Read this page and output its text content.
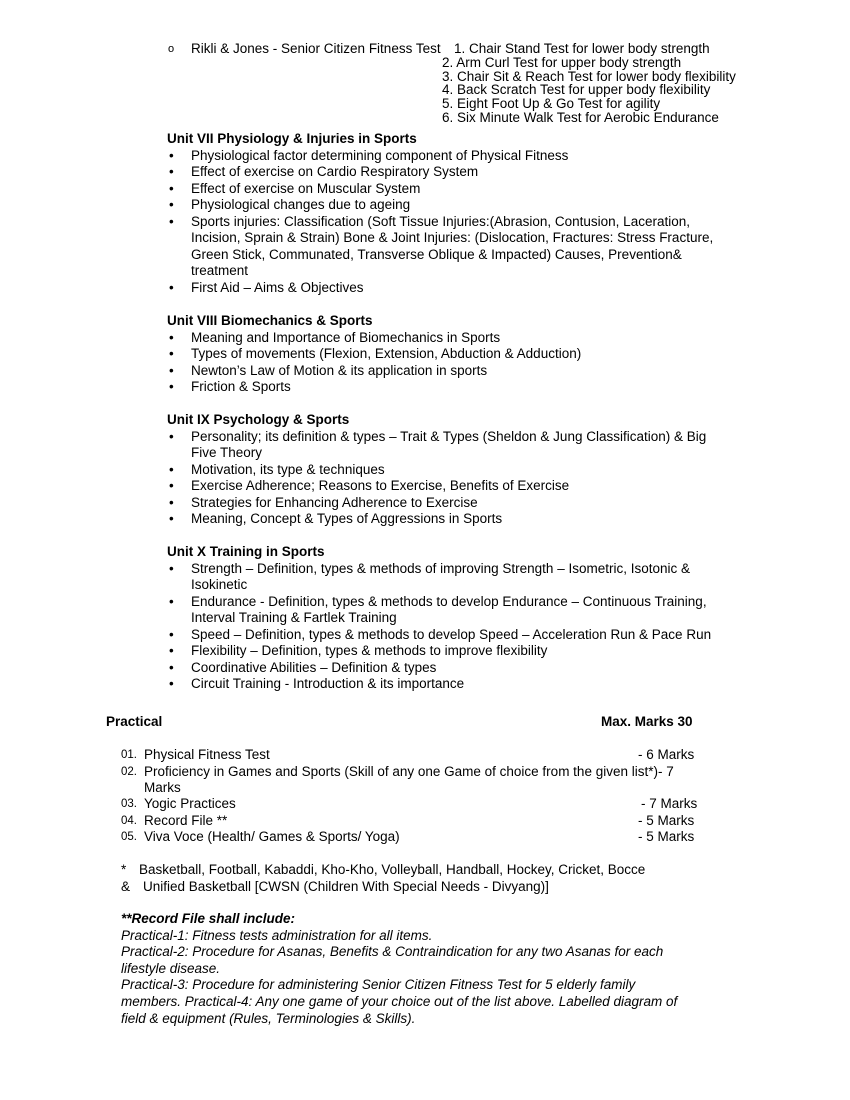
o Rikli & Jones - Senior Citizen Fitness Test 1. Chair Stand Test for lower body strength
2. Arm Curl Test for upper body strength
3. Chair Sit & Reach Test for lower body flexibility
4. Back Scratch Test for upper body flexibility
5. Eight Foot Up & Go Test for agility
6. Six Minute Walk Test for Aerobic Endurance
Unit VII Physiology & Injuries in Sports
• Physiological factor determining component of Physical Fitness
• Effect of exercise on Cardio Respiratory System
• Effect of exercise on Muscular System
• Physiological changes due to ageing
• Sports injuries: Classification (Soft Tissue Injuries:(Abrasion, Contusion, Laceration, Incision, Sprain & Strain) Bone & Joint Injuries: (Dislocation, Fractures: Stress Fracture, Green Stick, Communated, Transverse Oblique & Impacted) Causes, Prevention& treatment
• First Aid – Aims & Objectives
Unit VIII Biomechanics & Sports
• Meaning and Importance of Biomechanics in Sports
• Types of movements (Flexion, Extension, Abduction & Adduction)
• Newton’s Law of Motion & its application in sports
• Friction & Sports
Unit IX Psychology & Sports
• Personality; its definition & types – Trait & Types (Sheldon & Jung Classification) & Big Five Theory
• Motivation, its type & techniques
• Exercise Adherence; Reasons to Exercise, Benefits of Exercise
• Strategies for Enhancing Adherence to Exercise
• Meaning, Concept & Types of Aggressions in Sports
Unit X Training in Sports
• Strength – Definition, types & methods of improving Strength – Isometric, Isotonic & Isokinetic
• Endurance - Definition, types & methods to develop Endurance – Continuous Training, Interval Training & Fartlek Training
• Speed – Definition, types & methods to develop Speed – Acceleration Run & Pace Run
• Flexibility – Definition, types & methods to improve flexibility
• Coordinative Abilities – Definition & types
• Circuit Training - Introduction & its importance
Practical	Max. Marks 30
01. Physical Fitness Test	- 6 Marks
02. Proficiency in Games and Sports (Skill of any one Game of choice from the given list*)- 7
Marks
03. Yogic Practices	- 7 Marks
04. Record File **	- 5 Marks
05. Viva Voce (Health/ Games & Sports/ Yoga)	- 5 Marks
* Basketball, Football, Kabaddi, Kho-Kho, Volleyball, Handball, Hockey, Cricket, Bocce
& Unified Basketball [CWSN (Children With Special Needs - Divyang)]
**Record File shall include:
Practical-1: Fitness tests administration for all items.
Practical-2: Procedure for Asanas, Benefits & Contraindication for any two Asanas for each
lifestyle disease.
Practical-3: Procedure for administering Senior Citizen Fitness Test for 5 elderly family
members. Practical-4: Any one game of your choice out of the list above. Labelled diagram of
field & equipment (Rules, Terminologies & Skills).
